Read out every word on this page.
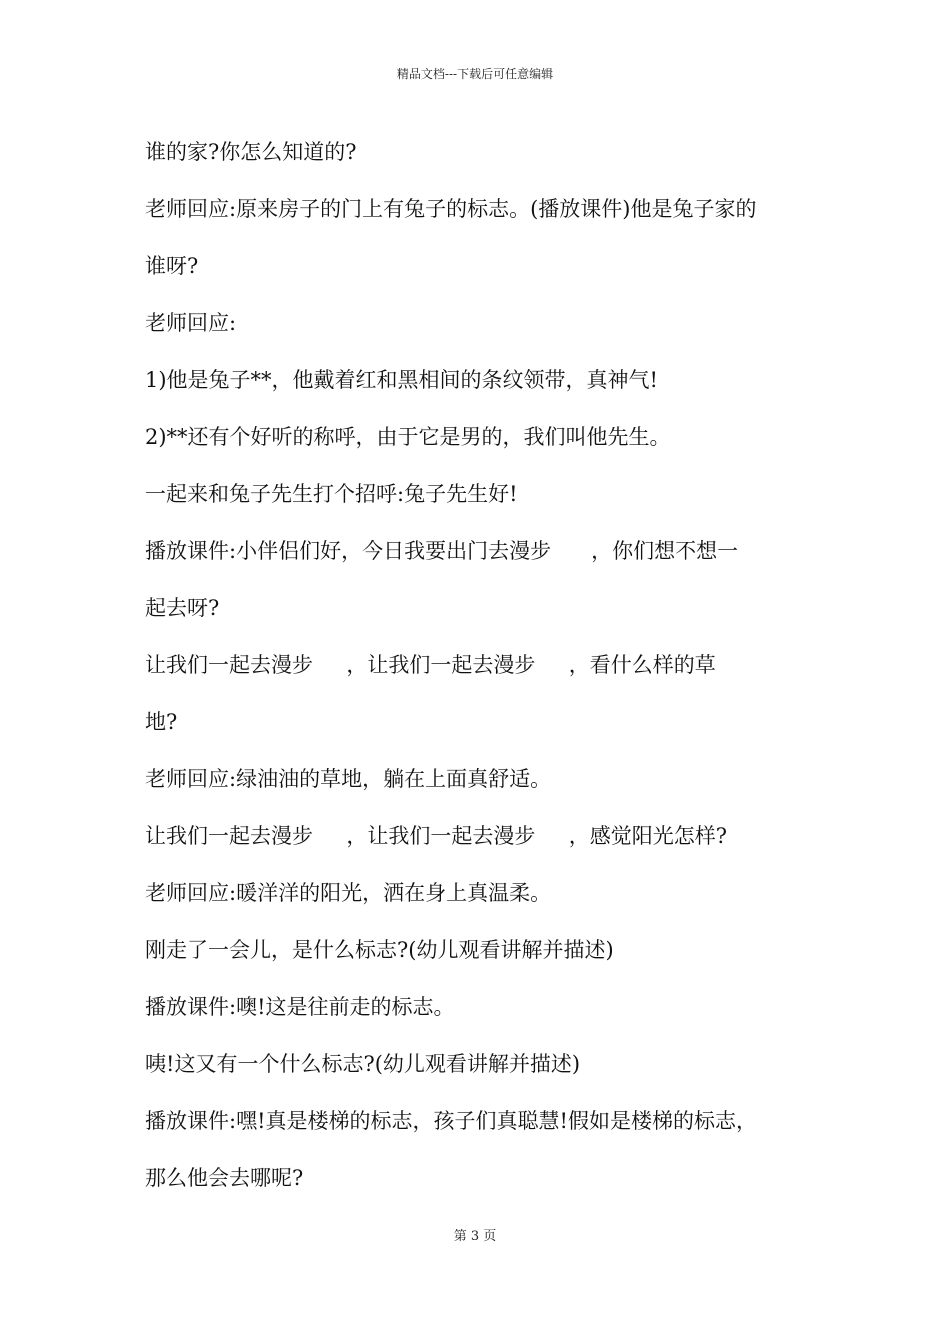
精品文档---下载后可任意编辑
谁的家?你怎么知道的?
老师回应:原来房子的门上有兔子的标志。(播放课件)他是兔子家的
谁呀?
老师回应:
1)他是兔子**，他戴着红和黑相间的条纹领带，真神气!
2)**还有个好听的称呼，由于它是男的，我们叫他先生。
一起来和兔子先生打个招呼:兔子先生好!
播放课件:小伴侣们好，今日我要出门去漫步      ，你们想不想一
起去呀?
让我们一起去漫步     ，让我们一起去漫步     ，看什么样的草
地?
老师回应:绿油油的草地，躺在上面真舒适。
让我们一起去漫步     ，让我们一起去漫步     ，感觉阳光怎样?
老师回应:暖洋洋的阳光，洒在身上真温柔。
刚走了一会儿，是什么标志?(幼儿观看讲解并描述)
播放课件:噢!这是往前走的标志。
咦!这又有一个什么标志?(幼儿观看讲解并描述)
播放课件:嘿!真是楼梯的标志，孩子们真聪慧!假如是楼梯的标志，
那么他会去哪呢?
第 3 页
